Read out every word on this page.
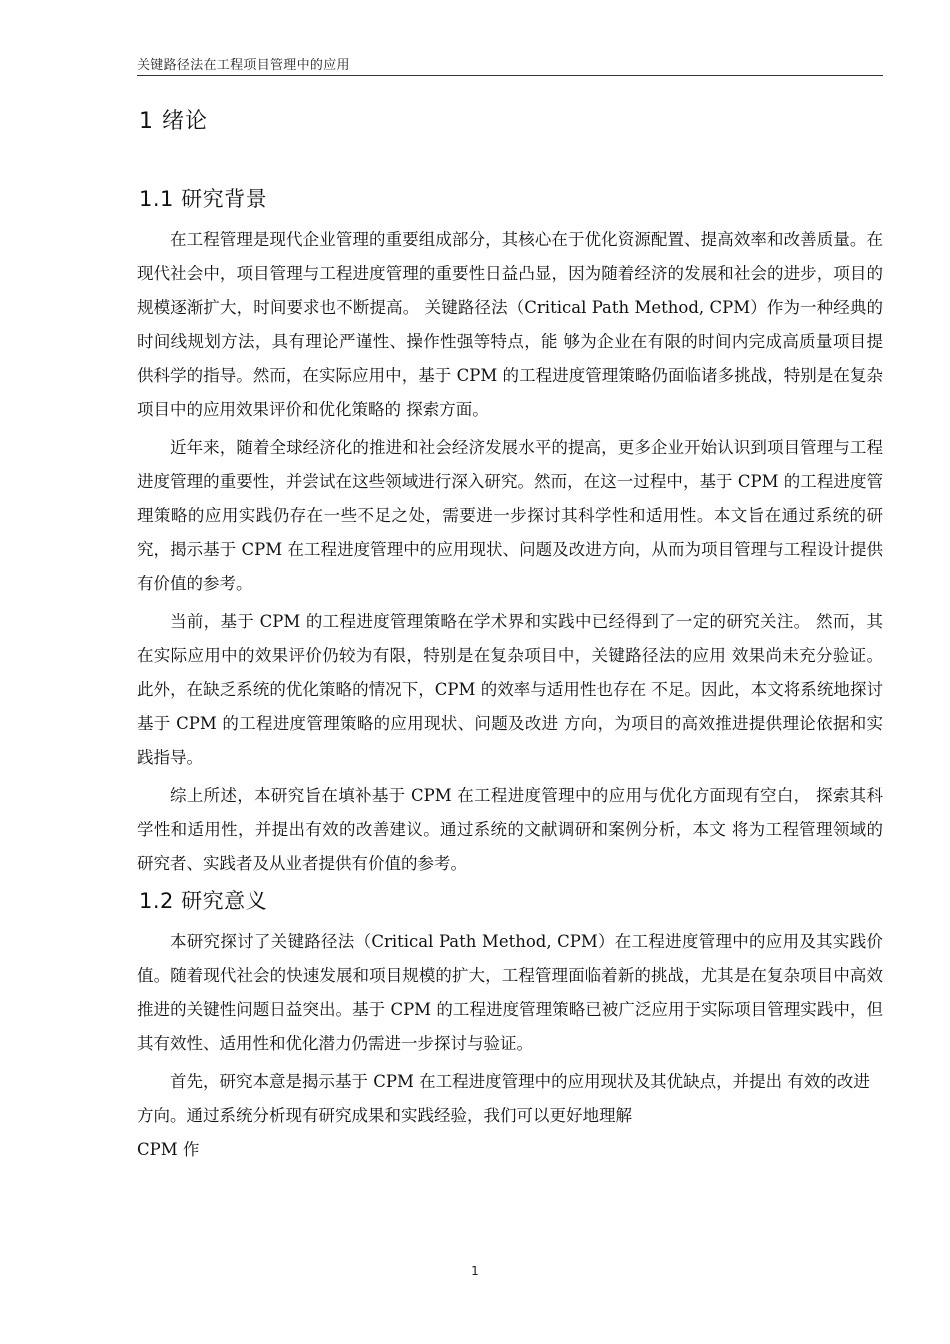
关键路径法在工程项目管理中的应用
1 绪论
1.1 研究背景

在工程管理是现代企业管理的重要组成部分，其核心在于优化资源配置、提高效率和改善质量。在现代社会中，项目管理与工程进度管理的重要性日益凸显，因为随着经济的发展和社会的进步，项目的规模逐渐扩大，时间要求也不断提高。 关键路径法（Critical Path Method, CPM）作为一种经典的时间线规划方法，具有理论严谨性、操作性强等特点，能 够为企业在有限的时间内完成高质量项目提供科学的指导。然而，在实际应用中，基于 CPM 的工程进度管理策略仍面临诸多挑战，特别是在复杂项目中的应用效果评价和优化策略的 探索方面。

近年来，随着全球经济化的推进和社会经济发展水平的提高，更多企业开始认识到项目管理与工程进度管理的重要性，并尝试在这些领域进行深入研究。然而，在这一过程中，基于 CPM 的工程进度管理策略的应用实践仍存在一些不足之处，需要进一步探讨其科学性和适用性。本文旨在通过系统的研究，揭示基于 CPM 在工程进度管理中的应用现状、问题及改进方向，从而为项目管理与工程设计提供有价值的参考。

当前，基于 CPM 的工程进度管理策略在学术界和实践中已经得到了一定的研究关注。 然而，其在实际应用中的效果评价仍较为有限，特别是在复杂项目中，关键路径法的应用 效果尚未充分验证。此外，在缺乏系统的优化策略的情况下，CPM 的效率与适用性也存在 不足。因此，本文将系统地探讨基于 CPM 的工程进度管理策略的应用现状、问题及改进 方向，为项目的高效推进提供理论依据和实践指导。

综上所述，本研究旨在填补基于 CPM 在工程进度管理中的应用与优化方面现有空白， 探索其科学性和适用性，并提出有效的改善建议。通过系统的文献调研和案例分析，本文 将为工程管理领域的研究者、实践者及从业者提供有价值的参考。

1.2 研究意义

本研究探讨了关键路径法（Critical Path Method, CPM）在工程进度管理中的应用及其实践价值。随着现代社会的快速发展和项目规模的扩大，工程管理面临着新的挑战，尤其是在复杂项目中高效推进的关键性问题日益突出。基于 CPM 的工程进度管理策略已被广泛应用于实际项目管理实践中，但其有效性、适用性和优化潜力仍需进一步探讨与验证。

首先，研究本意是揭示基于 CPM 在工程进度管理中的应用现状及其优缺点，并提出 有效的改进方向。通过系统分析现有研究成果和实践经验，我们可以更好地理解

CPM 作

1
